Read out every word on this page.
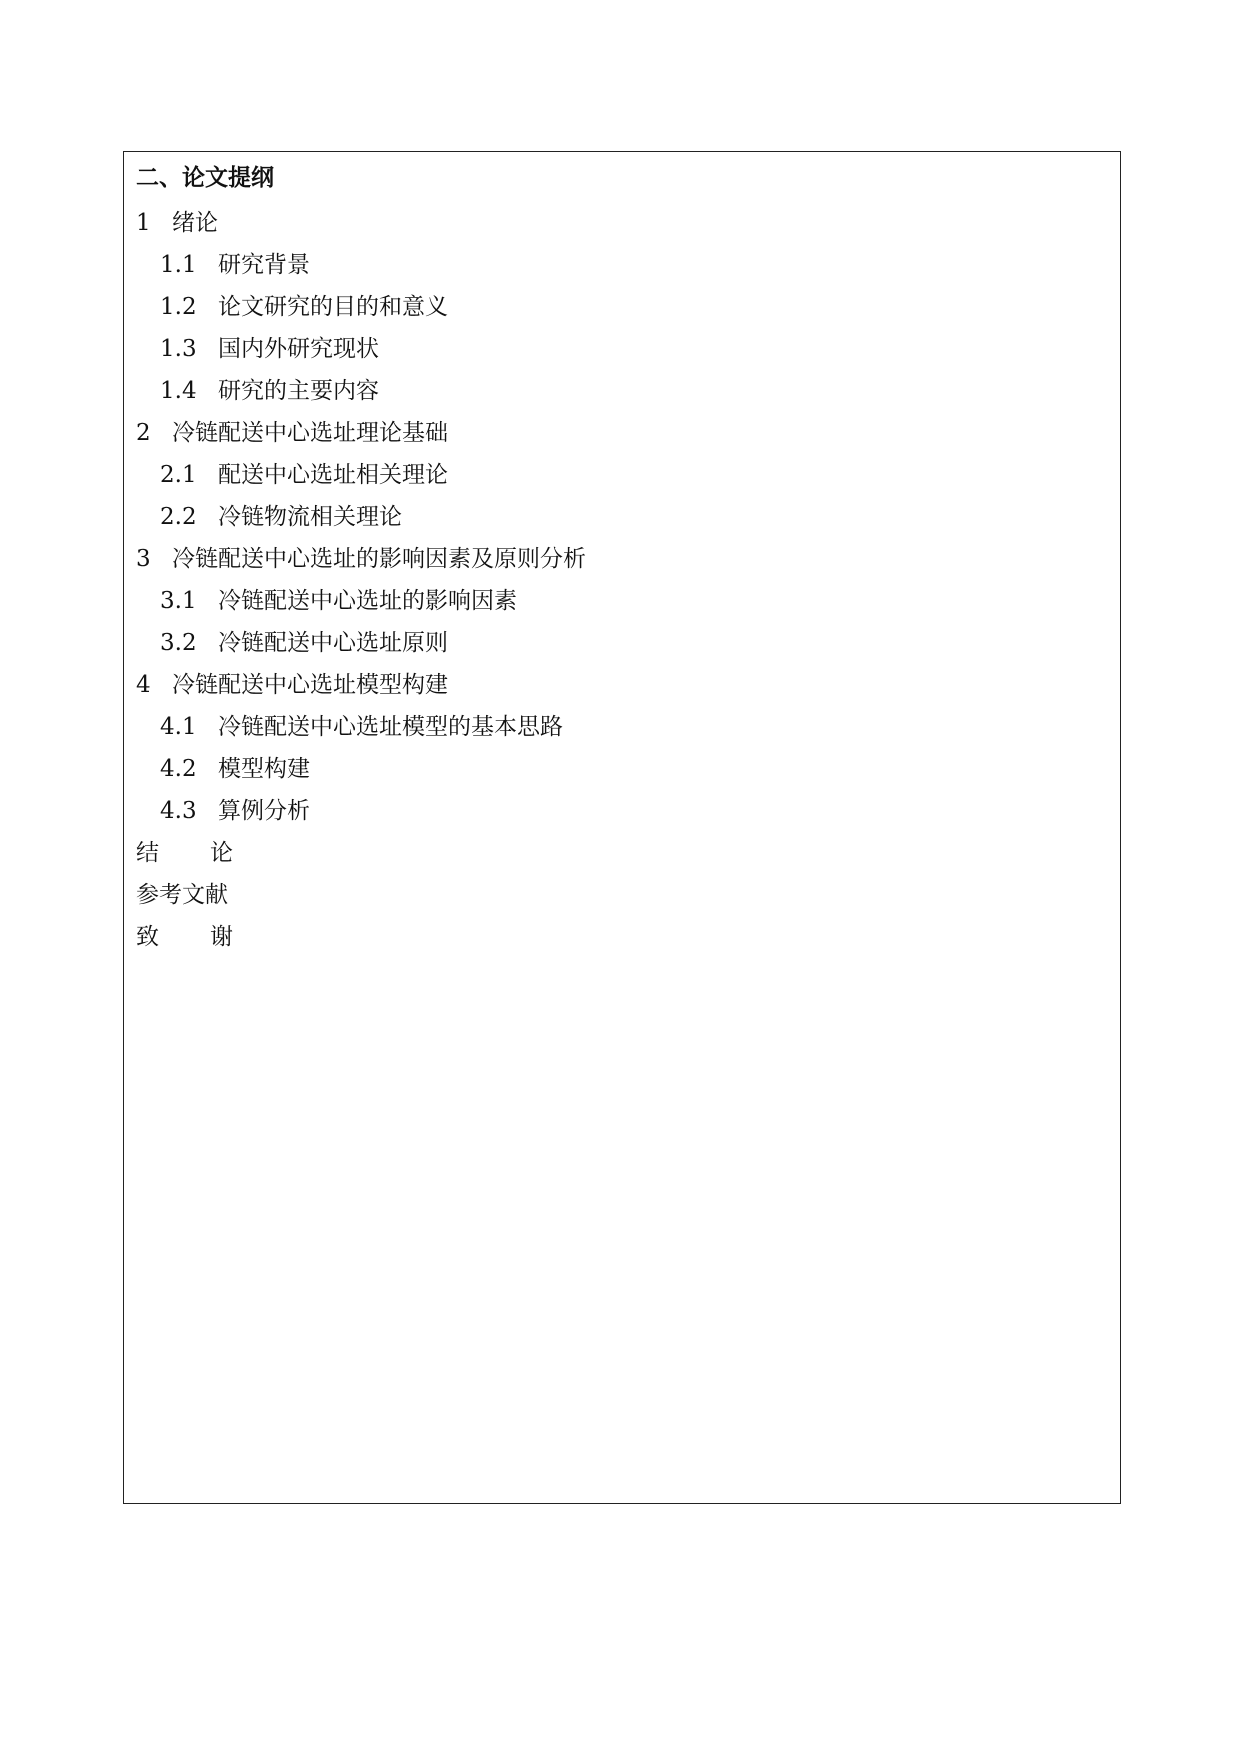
二、论文提纲
1 绪论
1.1 研究背景
1.2 论文研究的目的和意义
1.3 国内外研究现状
1.4 研究的主要内容
2 冷链配送中心选址理论基础
2.1 配送中心选址相关理论
2.2 冷链物流相关理论
3 冷链配送中心选址的影响因素及原则分析
3.1 冷链配送中心选址的影响因素
3.2 冷链配送中心选址原则
4 冷链配送中心选址模型构建
4.1 冷链配送中心选址模型的基本思路
4.2 模型构建
4.3 算例分析
结 论
参考文献
致 谢
